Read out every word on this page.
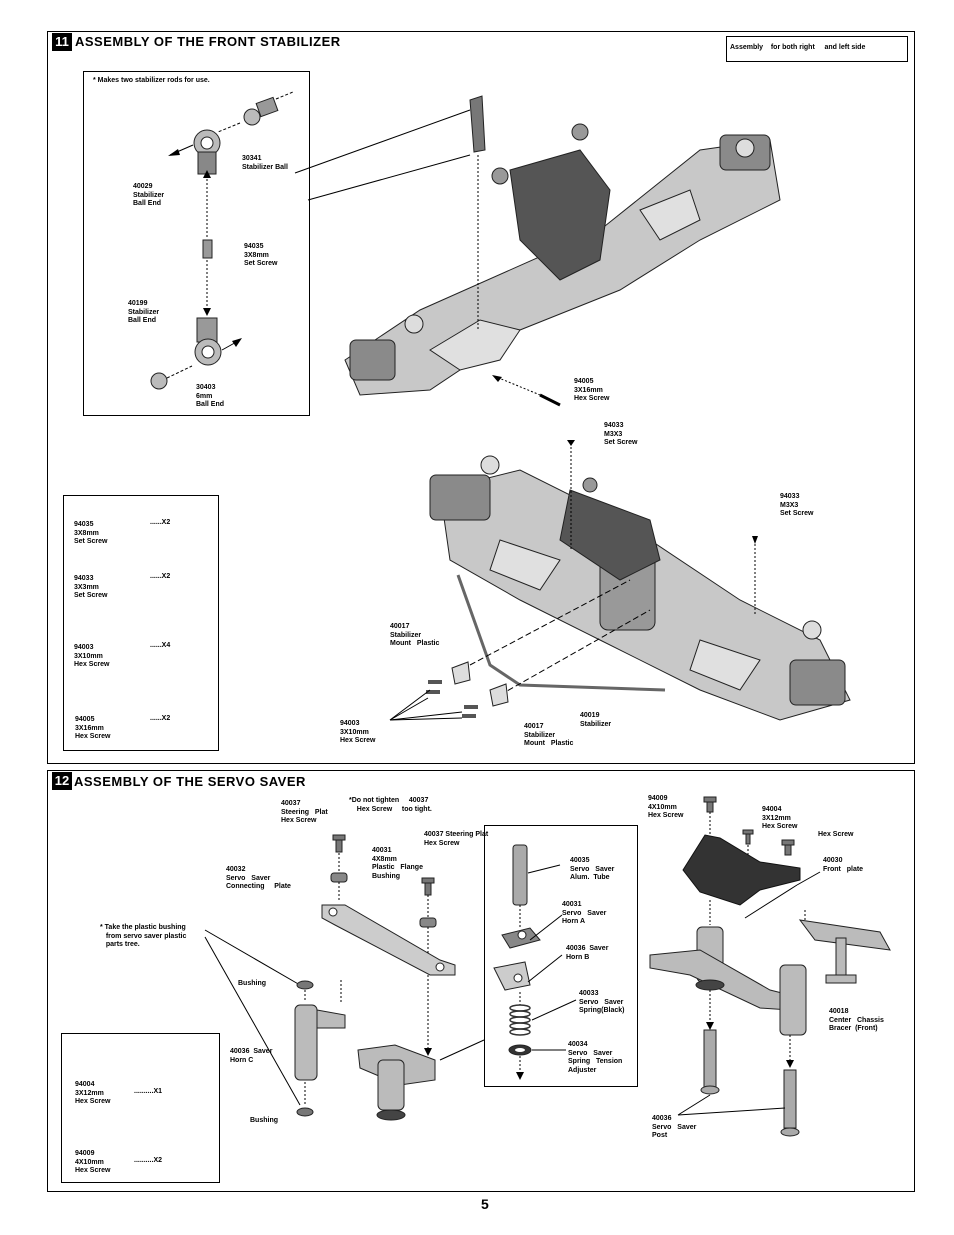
11 ASSEMBLY OF THE FRONT STABILIZER	Assembly    for both right     and left side
* Makes two stabilizer rods for use.
30341
Stabilizer Ball
40029
Stabilizer
Ball End
94035
3X8mm
Set Screw
40199
Stabilizer
Ball End
30403
6mm
Ball End
94005
3X16mm
Hex Screw
94033
M3X3
Set Screw
94033
M3X3
Set Screw
40017
Stabilizer
Mount   Plastic
40017
Stabilizer
Mount   Plastic
40019
Stabilizer
94003
3X10mm
Hex Screw
94035
3X8mm
Set Screw
......X2
94033
3X3mm
Set Screw
......X2
94003
3X10mm
Hex Screw
......X4
94005
3X16mm
Hex Screw
......X2
12 ASSEMBLY OF THE SERVO SAVER
40037
Steering   Plat
Hex Screw
*Do not tighten     40037
Hex Screw     too tight.
40037 Steering Plat
Hex Screw
40031
4X8mm
Plastic   Flange
Bushing
40032
Servo   Saver
Connecting     Plate
* Take the plastic bushing
from servo saver plastic
parts tree.
Bushing
40036  Saver
Horn C
Bushing
40035
Servo   Saver
Alum.  Tube
40031
Servo   Saver
Horn A
40036  Saver
Horn B
40033
Servo   Saver
Spring(Black)
40034
Servo   Saver
Spring   Tension
Adjuster
94009
4X10mm
Hex Screw
94004
3X12mm
Hex Screw
Hex Screw
40030
Front   plate
40018
Center   Chassis
Bracer  (Front)
40036
Servo   Saver
Post
94004
3X12mm
Hex Screw
..........X1
94009
4X10mm
Hex Screw
..........X2
5
